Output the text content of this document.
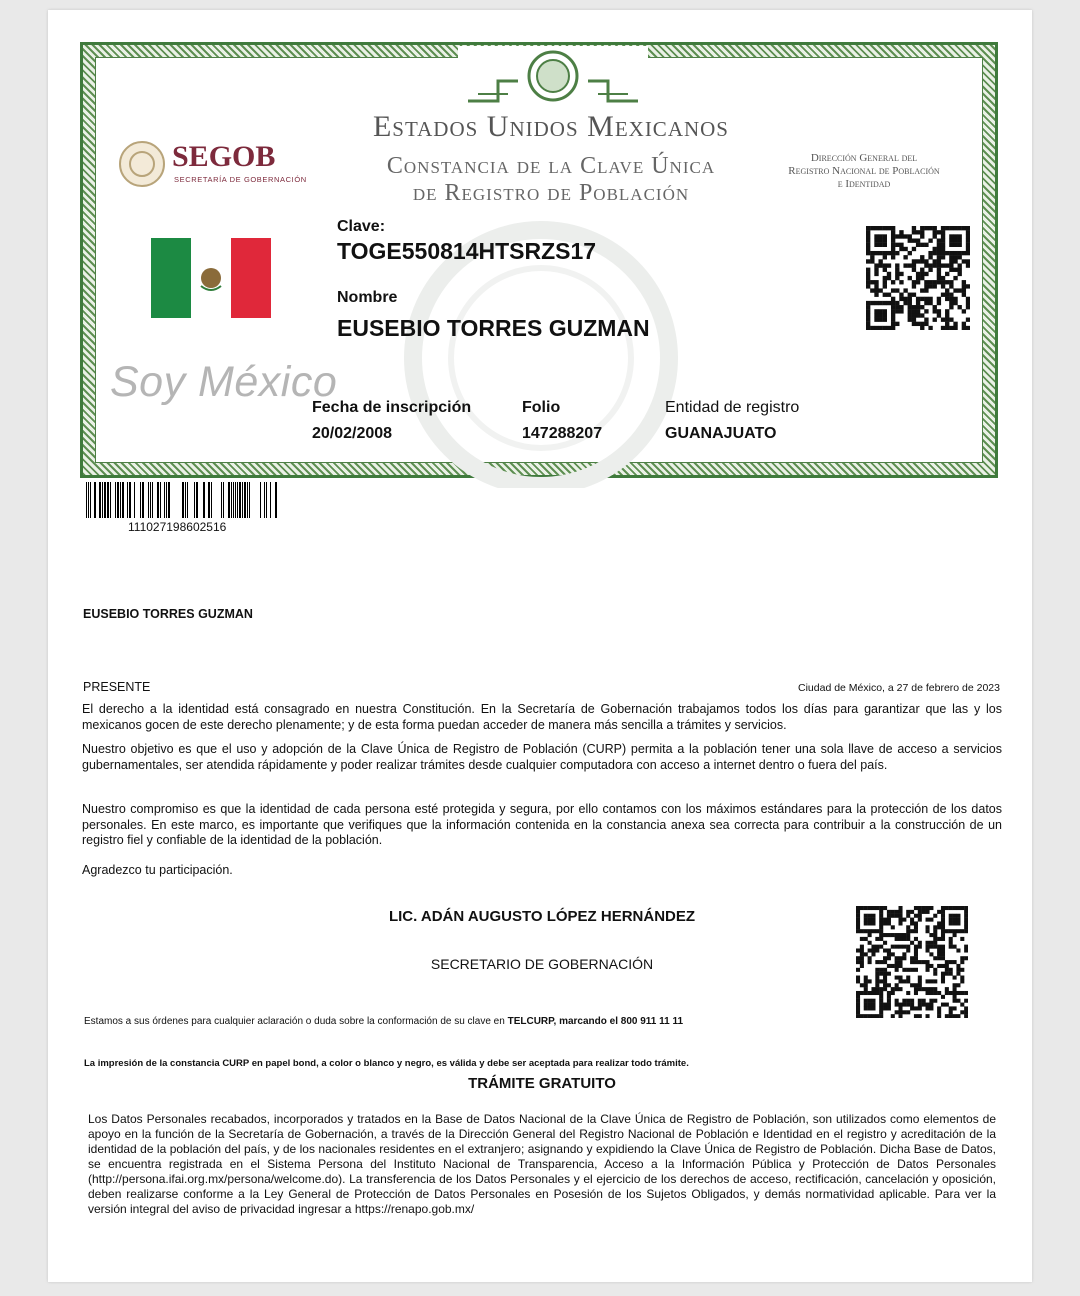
Estados Unidos Mexicanos
Constancia de la Clave Única
de Registro de Población
SEGOB
SECRETARÍA DE GOBERNACIÓN
Dirección General del
Registro Nacional de Población
e Identidad
Soy México
Clave:
TOGE550814HTSRZS17
Nombre
EUSEBIO TORRES GUZMAN
Fecha de inscripción
20/02/2008
Folio
147288207
Entidad de registro
GUANAJUATO
111027198602516
EUSEBIO TORRES GUZMAN
PRESENTE	Ciudad de México, a 27 de febrero de 2023
El derecho a la identidad está consagrado en nuestra Constitución. En la Secretaría de Gobernación trabajamos todos los días para garantizar que las y los mexicanos gocen de este derecho plenamente; y de esta forma puedan acceder de manera más sencilla a trámites y servicios.
Nuestro objetivo es que el uso y adopción de la Clave Única de Registro de Población (CURP) permita a la población tener una sola llave de acceso a servicios gubernamentales, ser atendida rápidamente y poder realizar trámites desde cualquier computadora con acceso a internet dentro o fuera del país.
Nuestro compromiso es que la identidad de cada persona esté protegida y segura, por ello contamos con los máximos estándares para la protección de los datos personales. En este marco, es importante que verifiques que la información contenida en la constancia anexa sea correcta para contribuir a la construcción de un registro fiel y confiable de la identidad de la población.
Agradezco tu participación.
LIC. ADÁN AUGUSTO LÓPEZ HERNÁNDEZ
SECRETARIO DE GOBERNACIÓN
Estamos a sus órdenes para cualquier aclaración o duda sobre la conformación de su clave en TELCURP, marcando el 800 911 11 11
La impresión de la constancia CURP en papel bond, a color o blanco y negro, es válida y debe ser aceptada para realizar todo trámite.
TRÁMITE GRATUITO
Los Datos Personales recabados, incorporados y tratados en la Base de Datos Nacional de la Clave Única de Registro de Población, son utilizados como elementos de apoyo en la función de la Secretaría de Gobernación, a través de la Dirección General del Registro Nacional de Población e Identidad en el registro y acreditación de la identidad de la población del país, y de los nacionales residentes en el extranjero; asignando y expidiendo la Clave Única de Registro de Población. Dicha Base de Datos, se encuentra registrada en el Sistema Persona del Instituto Nacional de Transparencia, Acceso a la Información Pública y Protección de Datos Personales (http://persona.ifai.org.mx/persona/welcome.do). La transferencia de los Datos Personales y el ejercicio de los derechos de acceso, rectificación, cancelación y oposición, deben realizarse conforme a la Ley General de Protección de Datos Personales en Posesión de los Sujetos Obligados, y demás normatividad aplicable. Para ver la versión integral del aviso de privacidad ingresar a https://renapo.gob.mx/
